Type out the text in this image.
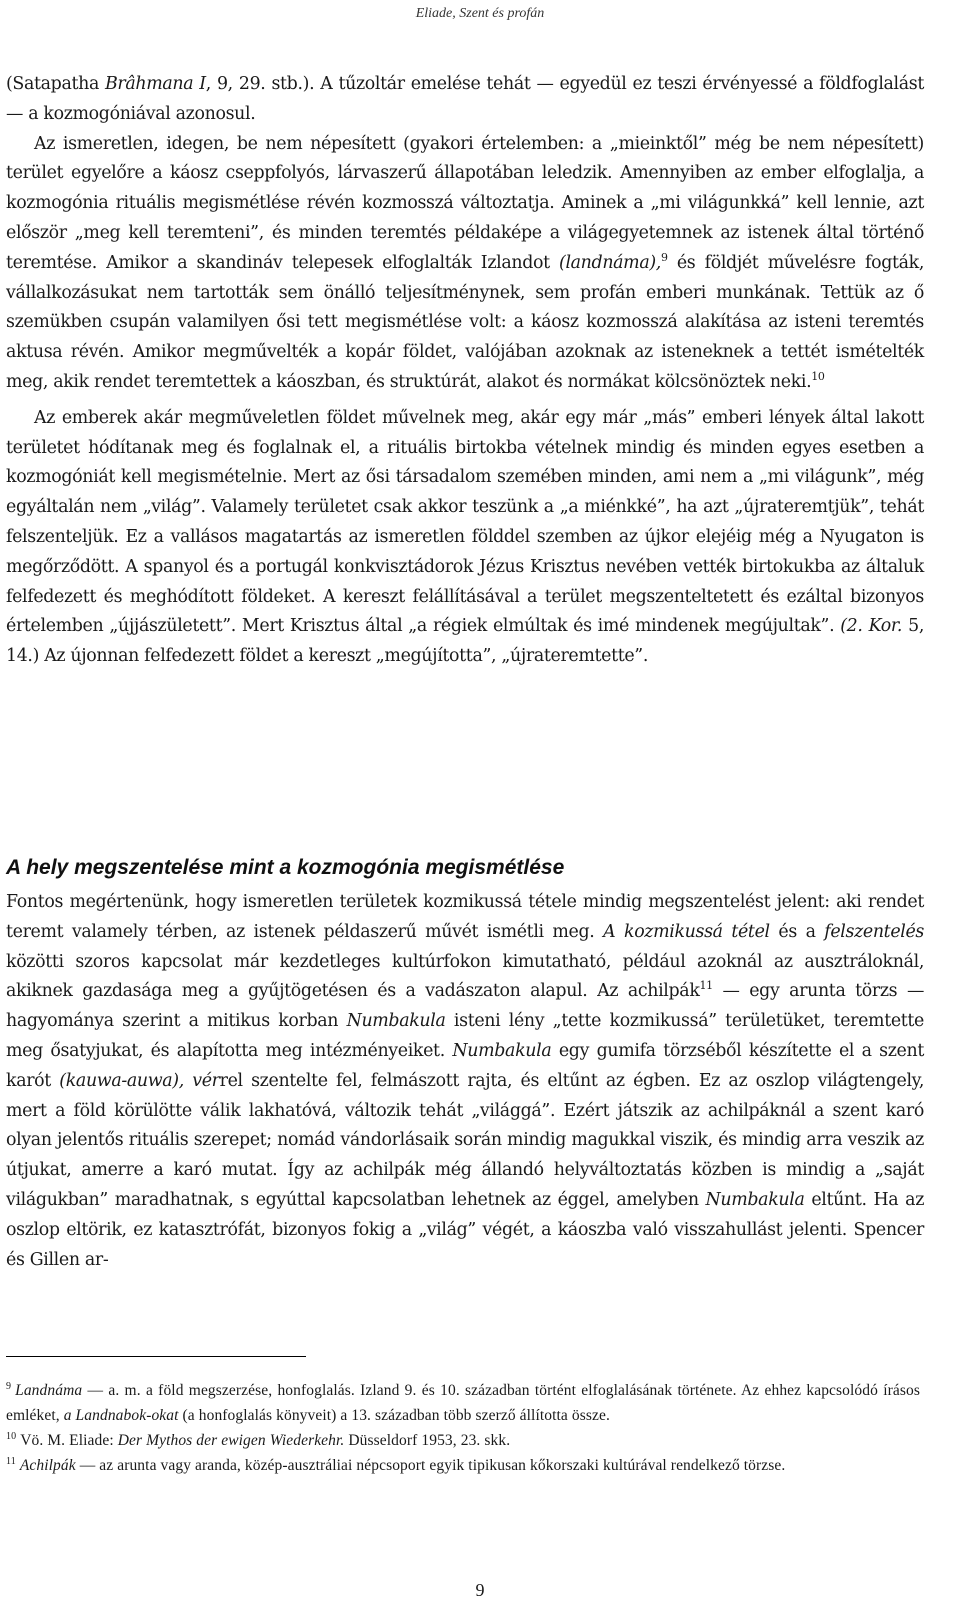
Eliade, Szent és profán

(Satapatha Brâhmana I, 9, 29. stb.). A tűzoltár emelése tehát — egyedül ez teszi érvényessé a földfoglalást — a kozmogóniával azonosul.

Az ismeretlen, idegen, be nem népesített (gyakori értelemben: a „mieinktől” még be nem népesített) terület egyelőre a káosz cseppfolyós, lárvaszerű állapotában leledzik. Amennyiben az ember elfoglalja, a kozmogónia rituális megismétlése révén kozmosszá változtatja. Aminek a „mi világunkká” kell lennie, azt először „meg kell teremteni”, és minden teremtés példaképe a világegyetemnek az istenek által történő teremtése. Amikor a skandináv telepesek elfoglalták Izlandot (landnáma),$^9$ és földjét művelésre fogták, vállalkozásukat nem tartották sem önálló teljesítménynek, sem profán emberi munkának. Tettük az ő szemükben csupán valamilyen ősi tett megismétlése volt: a káosz kozmosszá alakítása az isteni teremtés aktusa révén. Amikor megművelték a kopár földet, valójában azoknak az isteneknek a tettét ismételték meg, akik rendet teremtettek a káoszban, és struktúrát, alakot és normákat kölcsönöztek neki.$^{10}$

Az emberek akár megműveletlen földet művelnek meg, akár egy már „más” emberi lények által lakott területet hódítanak meg és foglalnak el, a rituális birtokba vételnek mindig és minden egyes esetben a kozmogóniát kell megismételnie. Mert az ősi társadalom szemében minden, ami nem a „mi világunk”, még egyáltalán nem „világ”. Valamely területet csak akkor teszünk a „a miénkké”, ha azt „újrateremtjük”, tehát felszenteljük. Ez a vallásos magatartás az ismeretlen földdel szemben az újkor elejéig még a Nyugaton is megőrződött. A spanyol és a portugál konkvisztádorok Jézus Krisztus nevében vették birtokukba az általuk felfedezett és meghódított földeket. A kereszt felállításával a terület megszenteltetett és ezáltal bizonyos értelemben „újjászületett”. Mert Krisztus által „a régiek elmúltak és imé mindenek megújultak”. (2. Kor. 5, 14.) Az újonnan felfedezett földet a kereszt „megújította”, „újrateremtette”.

A hely megszentelése mint a kozmogónia megismétlése

Fontos megértenünk, hogy ismeretlen területek kozmikussá tétele mindig megszentelést jelent: aki rendet teremt valamely térben, az istenek példaszerű művét ismétli meg. A kozmikussá tétel és a felszentelés közötti szoros kapcsolat már kezdetleges kultúrfokon kimutatható, például azoknál az ausztráloknál, akiknek gazdasága meg a gyűjtögetésen és a vadászaton alapul. Az achilpák$^{11}$ — egy arunta törzs — hagyománya szerint a mitikus korban Numbakula isteni lény „tette kozmikussá” területüket, teremtette meg ősatyjukat, és alapította meg intézményeiket. Numbakula egy gumifa törzséből készítette el a szent karót (kauwa-auwa), vérrel szentelte fel, felmászott rajta, és eltűnt az égben. Ez az oszlop világtengely, mert a föld körülötte válik lakhatóvá, változik tehát „világgá”. Ezért játszik az achilpáknál a szent karó olyan jelentős rituális szerepet; nomád vándorlásaik során mindig magukkal viszik, és mindig arra veszik az útjukat, amerre a karó mutat. Így az achilpák még állandó helyváltoztatás közben is mindig a „saját világukban” maradhatnak, s egyúttal kapcsolatban lehetnek az éggel, amelyben Numbakula eltűnt. Ha az oszlop eltörik, ez katasztrófát, bizonyos fokig a „világ” végét, a káoszba való visszahullást jelenti. Spencer és Gillen ar-

$^9$ Landnáma — a. m. a föld megszerzése, honfoglalás. Izland 9. és 10. században történt elfoglalásának története. Az ehhez kapcsolódó írásos emléket, a Landnabok-okat (a honfoglalás könyveit) a 13. században több szerző állította össze.

$^{10}$ Vö. M. Eliade: Der Mythos der ewigen Wiederkehr. Düsseldorf 1953, 23. skk.

$^{11}$ Achilpák — az arunta vagy aranda, közép-ausztráliai népcsoport egyik tipikusan kőkorszaki kultúrával rendelkező törzse.

9
